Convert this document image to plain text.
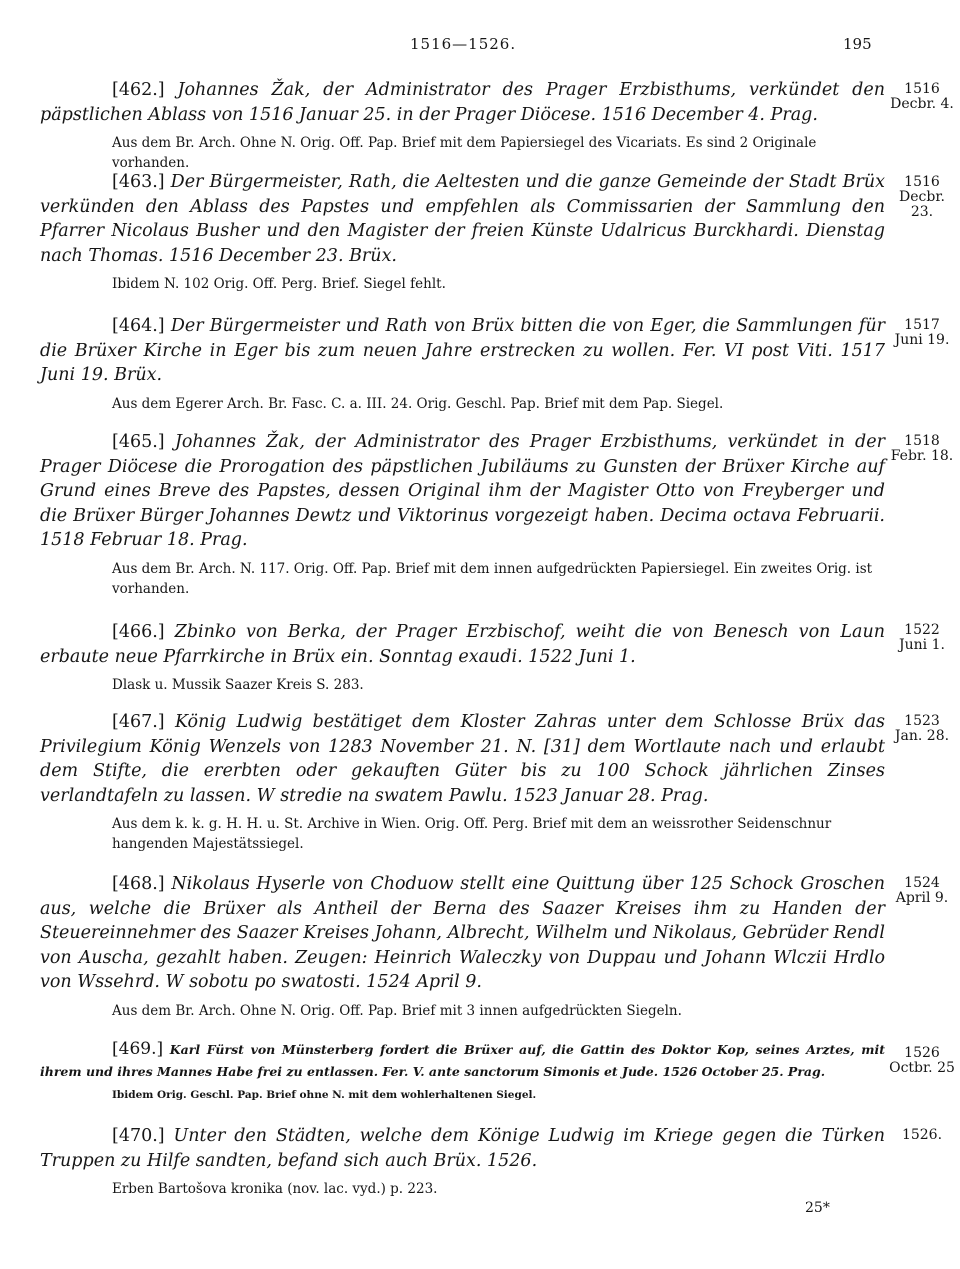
1516—1526.	195

[462.] Johannes Žak, der Administrator des Prager Erzbisthums, verkündet den päpstlichen Ablass von 1516 Januar 25. in der Prager Diöcese. 1516 December 4. Prag.

Aus dem Br. Arch. Ohne N. Orig. Off. Pap. Brief mit dem Papiersiegel des Vicariats. Es sind 2 Originale vorhanden.

1516
Decbr. 4.

[463.] Der Bürgermeister, Rath, die Aeltesten und die ganze Gemeinde der Stadt Brüx verkünden den Ablass des Papstes und empfehlen als Commissarien der Sammlung den Pfarrer Nicolaus Busher und den Magister der freien Künste Udalricus Burckhardi. Dienstag nach Thomas. 1516 December 23. Brüx.

Ibidem N. 102 Orig. Off. Perg. Brief. Siegel fehlt.

1516
Decbr. 23.

[464.] Der Bürgermeister und Rath von Brüx bitten die von Eger, die Sammlungen für die Brüxer Kirche in Eger bis zum neuen Jahre erstrecken zu wollen. Fer. VI post Viti. 1517 Juni 19. Brüx.

Aus dem Egerer Arch. Br. Fasc. C. a. III. 24. Orig. Geschl. Pap. Brief mit dem Pap. Siegel.

1517
Juni 19.

[465.] Johannes Žak, der Administrator des Prager Erzbisthums, verkündet in der Prager Diöcese die Prorogation des päpstlichen Jubiläums zu Gunsten der Brüxer Kirche auf Grund eines Breve des Papstes, dessen Original ihm der Magister Otto von Freyberger und die Brüxer Bürger Johannes Dewtz und Viktorinus vorgezeigt haben. Decima octava Februarii. 1518 Februar 18. Prag.

Aus dem Br. Arch. N. 117. Orig. Off. Pap. Brief mit dem innen aufgedrückten Papiersiegel. Ein zweites Orig. ist vorhanden.

1518
Febr. 18.

[466.] Zbinko von Berka, der Prager Erzbischof, weiht die von Benesch von Laun erbaute neue Pfarrkirche in Brüx ein. Sonntag exaudi. 1522 Juni 1.

Dlask u. Mussik Saazer Kreis S. 283.

1522
Juni 1.

[467.] König Ludwig bestätiget dem Kloster Zahras unter dem Schlosse Brüx das Privilegium König Wenzels von 1283 November 21. N. [31] dem Wortlaute nach und erlaubt dem Stifte, die ererbten oder gekauften Güter bis zu 100 Schock jährlichen Zinses verlandtafeln zu lassen. W stredie na swatem Pawlu. 1523 Januar 28. Prag.

Aus dem k. k. g. H. H. u. St. Archive in Wien. Orig. Off. Perg. Brief mit dem an weissrother Seidenschnur hangenden Majestätssiegel.

1523
Jan. 28.

[468.] Nikolaus Hyserle von Choduow stellt eine Quittung über 125 Schock Groschen aus, welche die Brüxer als Antheil der Berna des Saazer Kreises ihm zu Handen der Steuereinnehmer des Saazer Kreises Johann, Albrecht, Wilhelm und Nikolaus, Gebrüder Rendl von Auscha, gezahlt haben. Zeugen: Heinrich Waleczky von Duppau und Johann Wlczii Hrdlo von Wssehrd. W sobotu po swatosti. 1524 April 9.

Aus dem Br. Arch. Ohne N. Orig. Off. Pap. Brief mit 3 innen aufgedrückten Siegeln.

1524
April 9.

[469.] Karl Fürst von Münsterberg fordert die Brüxer auf, die Gattin des Doktor Kop, seines Arztes, mit ihrem und ihres Mannes Habe frei zu entlassen. Fer. V. ante sanctorum Simonis et Jude. 1526 October 25. Prag.

Ibidem Orig. Geschl. Pap. Brief ohne N. mit dem wohlerhaltenen Siegel.

1526
Octbr. 25

[470.] Unter den Städten, welche dem Könige Ludwig im Kriege gegen die Türken Truppen zu Hilfe sandten, befand sich auch Brüx. 1526.

Erben Bartošova kronika (nov. lac. vyd.) p. 223.

1526.
25*
